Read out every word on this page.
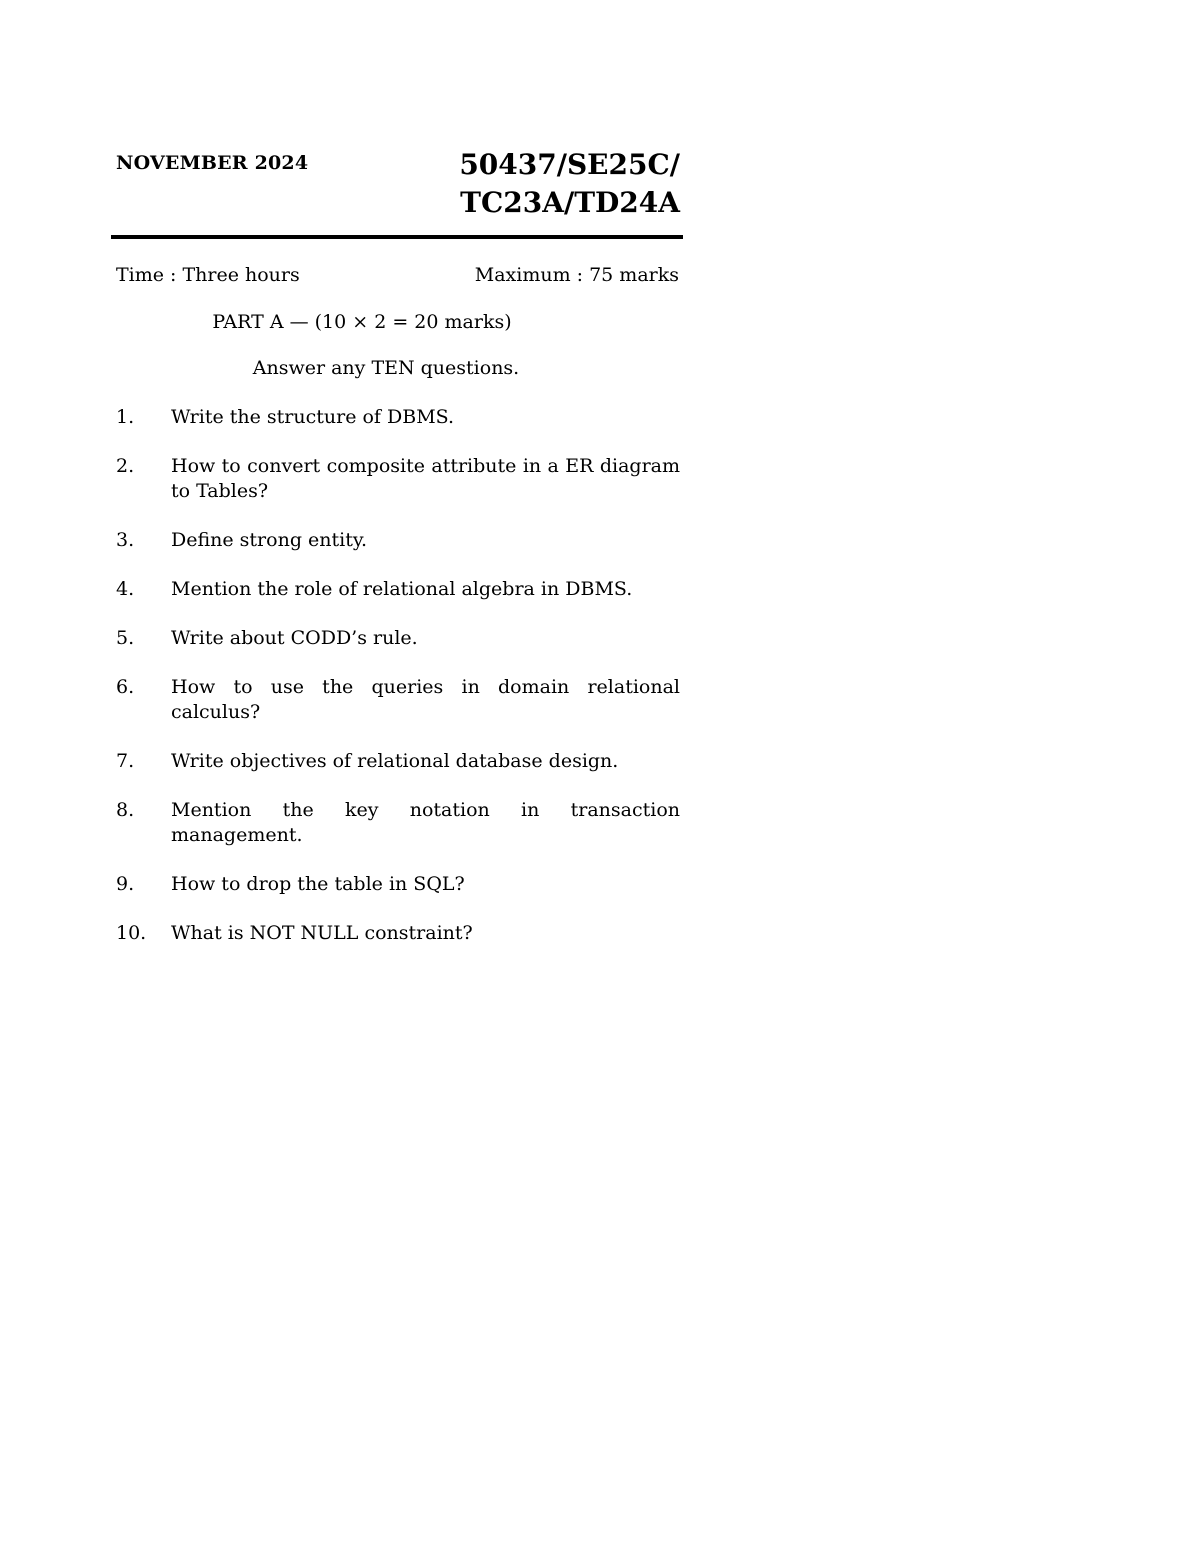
NOVEMBER 2024	50437/SE25C/
TC23A/TD24A
Time : Three hours	Maximum : 75 marks
PART A — (10 × 2 = 20 marks)
Answer any TEN questions.
1.	Write the structure of DBMS.
2.	How to convert composite attribute in a ER diagram to Tables?
3.	Define strong entity.
4.	Mention the role of relational algebra in DBMS.
5.	Write about CODD’s rule.
6.	How to use the queries in domain relational calculus?
7.	Write objectives of relational database design.
8.	Mention the key notation in transaction management.
9.	How to drop the table in SQL?
10.	What is NOT NULL constraint?
